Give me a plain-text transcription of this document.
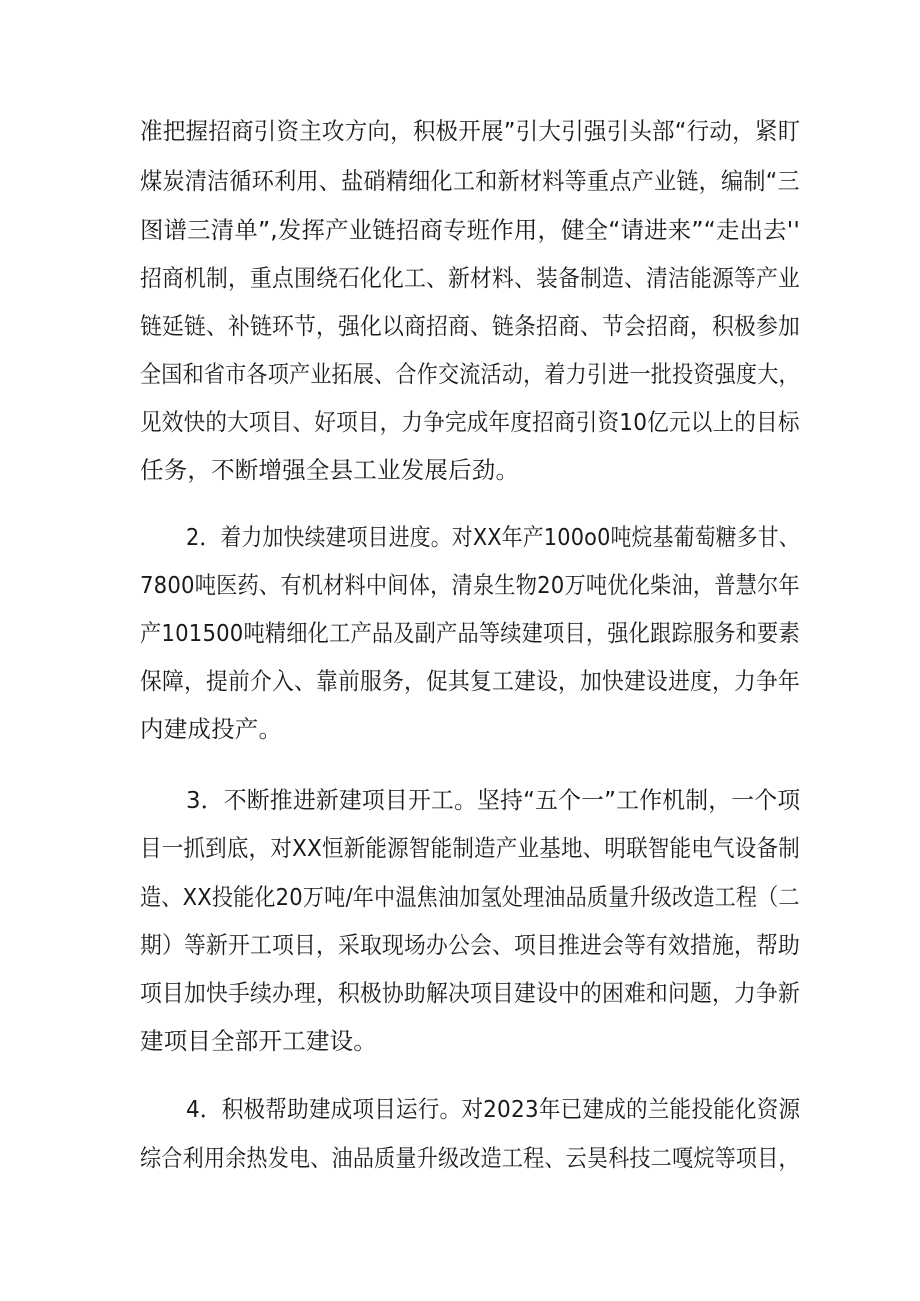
准把握招商引资主攻方向，积极开展”引大引强引头部“行动，紧盯
煤炭清洁循环利用、盐硝精细化工和新材料等重点产业链，编制“三
图谱三清单”,发挥产业链招商专班作用，健全“请进来”“走出去''
招商机制，重点围绕石化化工、新材料、装备制造、清洁能源等产业
链延链、补链环节，强化以商招商、链条招商、节会招商，积极参加
全国和省市各项产业拓展、合作交流活动，着力引进一批投资强度大，
见效快的大项目、好项目，力争完成年度招商引资10亿元以上的目标
任务，不断增强全县工业发展后劲。
2．着力加快续建项目进度。对XX年产100o0吨烷基葡萄糖多甘、
7800吨医药、有机材料中间体，清泉生物20万吨优化柴油，普慧尔年
产101500吨精细化工产品及副产品等续建项目，强化跟踪服务和要素
保障，提前介入、靠前服务，促其复工建设，加快建设进度，力争年
内建成投产。
3．不断推进新建项目开工。坚持“五个一”工作机制，一个项
目一抓到底，对XX恒新能源智能制造产业基地、明联智能电气设备制
造、XX投能化20万吨/年中温焦油加氢处理油品质量升级改造工程（二
期）等新开工项目，采取现场办公会、项目推进会等有效措施，帮助
项目加快手续办理，积极协助解决项目建设中的困难和问题，力争新
建项目全部开工建设。
4．积极帮助建成项目运行。对2023年已建成的兰能投能化资源
综合利用余热发电、油品质量升级改造工程、云昊科技二嘎烷等项目，
